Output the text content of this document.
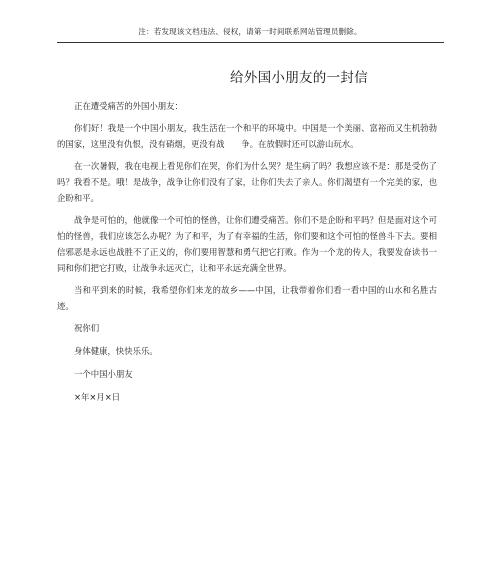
注：若发现该文档违法、侵权，请第一时间联系网站管理员删除。
给外国小朋友的一封信

正在遭受痛苦的外国小朋友：

你们好！我是一个中国小朋友，我生活在一个和平的环境中。中国是一个美丽、富裕而又生机勃勃的国家，这里没有仇恨，没有硝烟，更没有战　　争。在放假时还可以游山玩水。

在一次暑假，我在电视上看见你们在哭，你们为什么哭？是生病了吗？我想应该不是：那是受伤了吗？我看不是。哦！是战争，战争让你们没有了家，让你们失去了亲人。你们渴望有一个完美的家，也企盼和平。

战争是可怕的，他就像一个可怕的怪兽，让你们遭受痛苦。你们不是企盼和平吗？但是面对这个可怕的怪兽，我们应该怎么办呢？为了和平，为了有幸福的生活，你们要和这个可怕的怪兽斗下去。要相信邪恶是永远也战胜不了正义的，你们要用智慧和勇气把它打败。作为一个龙的传人，我要发奋读书一同和你们把它打败，让战争永远灭亡，让和平永远充满全世界。

当和平到来的时候，我希望你们来龙的故乡——中国，让我带着你们看一看中国的山水和名胜古迹。

祝你们

身体健康，快快乐乐。

一个中国小朋友

×年×月×日
